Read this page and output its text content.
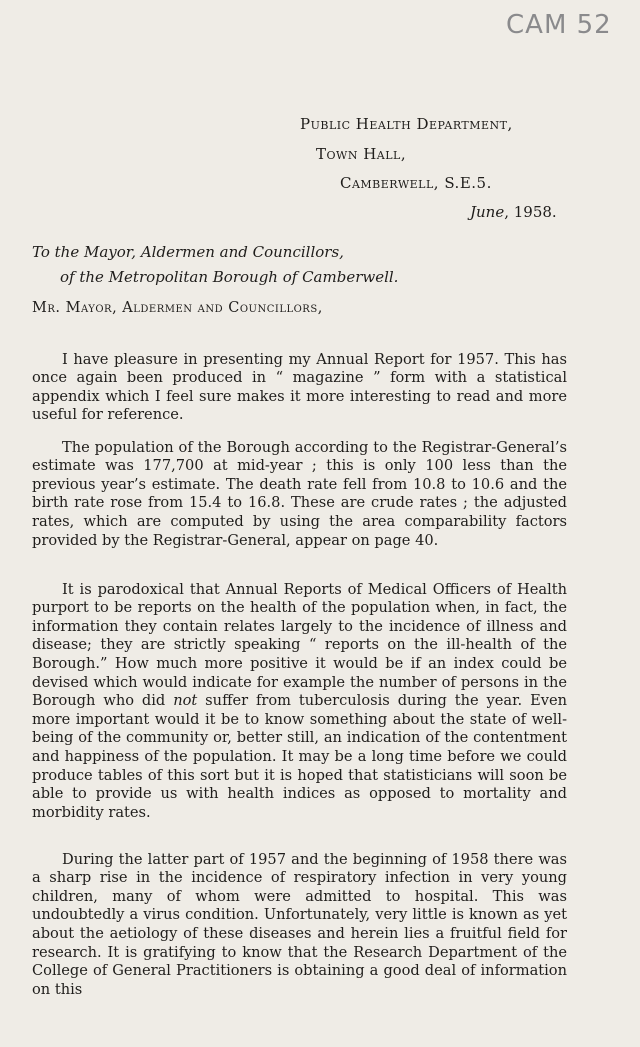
CAM 52
Public Health Department,
Town Hall,
Camberwell, S.E.5.
June, 1958.
To the Mayor, Aldermen and Councillors,
of the Metropolitan Borough of Camberwell.
Mr. Mayor, Aldermen and Councillors,

I have pleasure in presenting my Annual Report for 1957. This has once again been produced in “ magazine ” form with a statistical appendix which I feel sure makes it more interesting to read and more useful for reference.

The population of the Borough according to the Registrar-General’s estimate was 177,700 at mid-year ; this is only 100 less than the previous year’s estimate. The death rate fell from 10.8 to 10.6 and the birth rate rose from 15.4 to 16.8. These are crude rates ; the adjusted rates, which are computed by using the area comparability factors provided by the Registrar-General, appear on page 40.

It is parodoxical that Annual Reports of Medical Officers of Health purport to be reports on the health of the population when, in fact, the information they contain relates largely to the incidence of illness and disease; they are strictly speaking “ reports on the ill-health of the Borough.” How much more positive it would be if an index could be devised which would indicate for example the number of persons in the Borough who did not suffer from tuberculosis during the year. Even more important would it be to know something about the state of well-being of the community or, better still, an indication of the contentment and happiness of the population. It may be a long time before we could produce tables of this sort but it is hoped that statisticians will soon be able to provide us with health indices as opposed to mortality and morbidity rates.

During the latter part of 1957 and the beginning of 1958 there was a sharp rise in the incidence of respiratory infection in very young children, many of whom were admitted to hospital. This was undoubtedly a virus condition. Unfortunately, very little is known as yet about the aetiology of these diseases and herein lies a fruitful field for research. It is gratifying to know that the Research Department of the College of General Practitioners is obtaining a good deal of information on this
